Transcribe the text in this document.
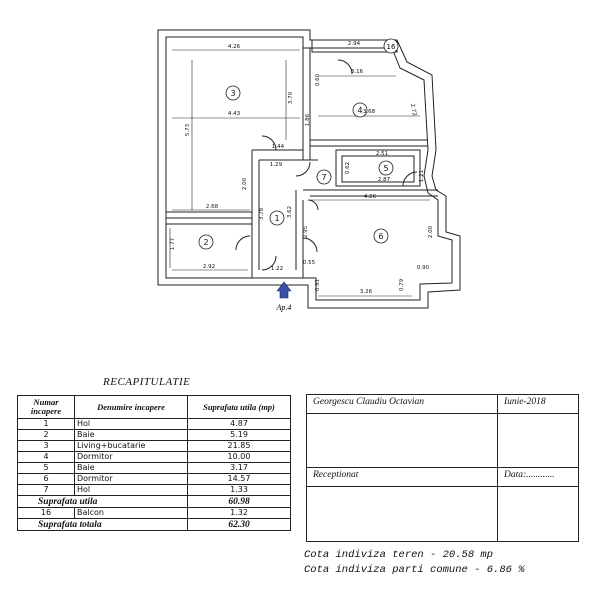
1
2
3
4
5
6
7
16
4.26
4.43
5.73
3.70
2.94
3.16
1.86
0.60
3.68	2.72
1.44
1.29
2.00
2.68
3.78	3.62
2.51
0.62
2.87	1.21
4.26
2.95
0.55
1.22
2.92
1.77
3.26
0.90
0.79
0.91
2.00
Ap.4
RECAPITULATIE
Numar incapere	Denumire incapere	Suprafata utila (mp)
1	Hol	4.87
2	Baie	5.19
3	Living+bucatarie	21.85
4	Dormitor	10.00
5	Baie	3.17
6	Dormitor	14.57
7	Hol	1.33
Suprafata utila		60.98
16	Balcon	1.32
Suprafata totala		62.30
Georgescu Claudiu Octavian	Iunie-2018

Receptionat	Data:............

Cota indiviza teren - 20.58 mp
Cota indiviza parti comune - 6.86 %
